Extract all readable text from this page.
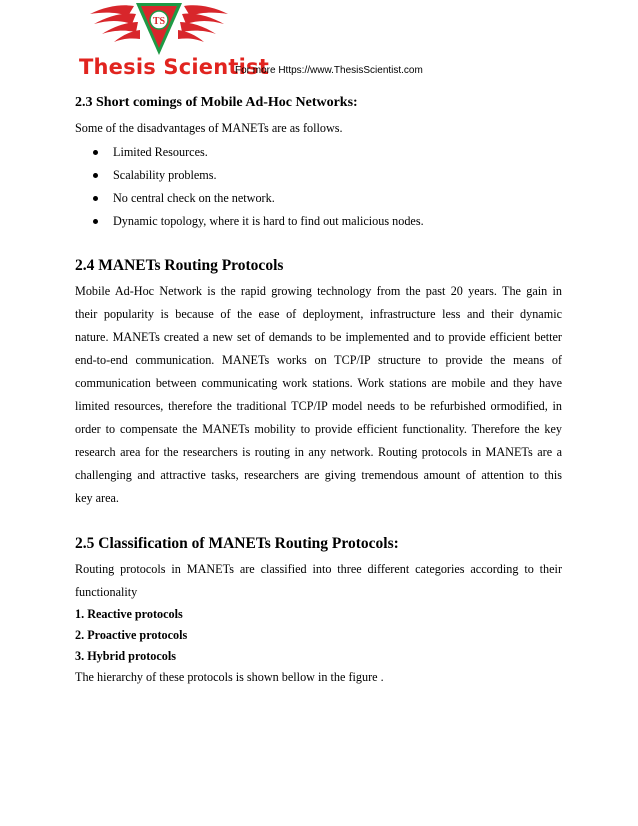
TS
Thesis Scientist
For more Https://www.ThesisScientist.com
2.3 Short comings of Mobile Ad-Hoc Networks:

Some of the disadvantages of MANETs are as follows.

Limited Resources.
Scalability problems.
No central check on the network.
Dynamic topology, where it is hard to find out malicious nodes.
2.4 MANETs Routing Protocols

Mobile Ad-Hoc Network is the rapid growing technology from the past 20 years. The gain in
their popularity is because of the ease of deployment, infrastructure less and their dynamic
nature. MANETs created a new set of demands to be implemented and to provide efficient better
end-to-end communication. MANETs works on TCP/IP structure to provide the means of
communication between communicating work stations. Work stations are mobile and they have
limited resources, therefore the traditional TCP/IP model needs to be refurbished ormodified, in
order to compensate the MANETs mobility to provide efficient functionality. Therefore the key
research area for the researchers is routing in any network. Routing protocols in MANETs are a
challenging and attractive tasks, researchers are giving tremendous amount of attention to this
key area.

2.5 Classification of MANETs Routing Protocols:

Routing protocols in MANETs are classified into three different categories according to their
functionality

1. Reactive protocols
2. Proactive protocols
3. Hybrid protocols
The hierarchy of these protocols is shown bellow in the figure .
